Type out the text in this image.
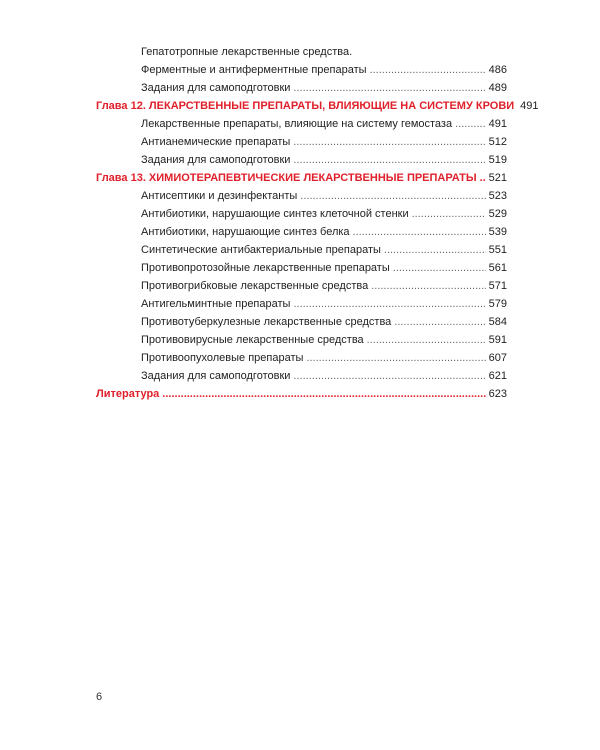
Гепатотропные лекарственные средства.
Ферментные и антиферментные препараты .....	486
Задания для самоподготовки .....	489
Глава 12. ЛЕКАРСТВЕННЫЕ ПРЕПАРАТЫ, ВЛИЯЮЩИЕ НА СИСТЕМУ КРОВИ 491
Лекарственные препараты, влияющие на систему гемостаза .....	491
Антианемические препараты .....	512
Задания для самоподготовки .....	519
Глава 13. ХИМИОТЕРАПЕВТИЧЕСКИЕ ЛЕКАРСТВЕННЫЕ ПРЕПАРАТЫ ..... 521
Антисептики и дезинфектанты .....	523
Антибиотики, нарушающие синтез клеточной стенки .....	529
Антибиотики, нарушающие синтез белка .....	539
Синтетические антибактериальные препараты .....	551
Противопротозойные лекарственные препараты .....	561
Противогрибковые лекарственные средства .....	571
Антигельминтные препараты .....	579
Противотуберкулезные лекарственные средства .....	584
Противовирусные лекарственные средства .....	591
Противоопухолевые препараты .....	607
Задания для самоподготовки .....	621
Литература .....	623
6
